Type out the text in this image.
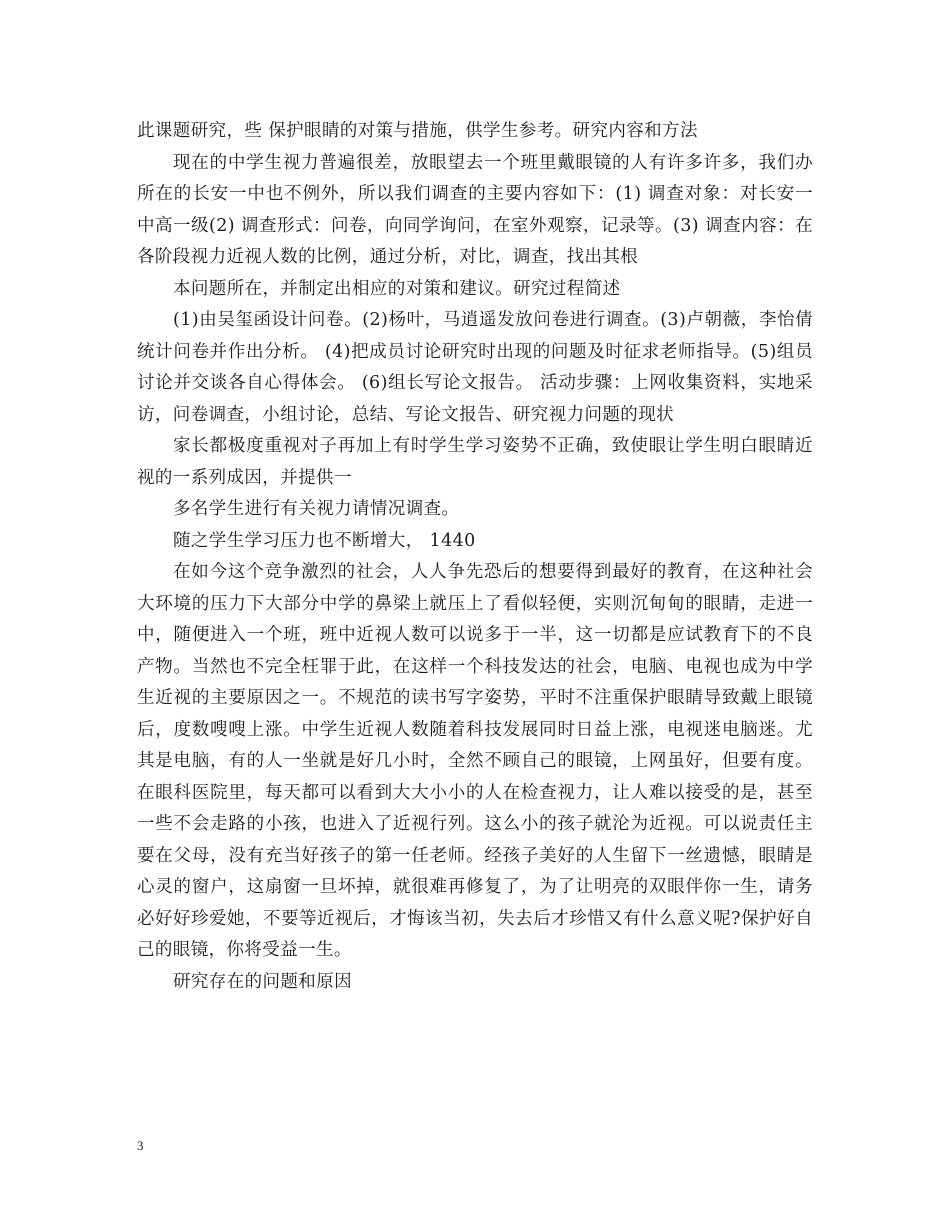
此课题研究，些 保护眼睛的对策与措施，供学生参考。研究内容和方法

现在的中学生视力普遍很差，放眼望去一个班里戴眼镜的人有许多许多，我们办所在的长安一中也不例外，所以我们调查的主要内容如下：(1) 调查对象：对长安一中高一级(2) 调查形式：问卷，向同学询问，在室外观察，记录等。(3) 调查内容：在各阶段视力近视人数的比例，通过分析，对比，调查，找出其根

本问题所在，并制定出相应的对策和建议。研究过程简述

(1)由吴玺函设计问卷。(2)杨叶，马逍遥发放问卷进行调查。(3)卢朝薇，李怡倩统计问卷并作出分析。 (4)把成员讨论研究时出现的问题及时征求老师指导。(5)组员讨论并交谈各自心得体会。 (6)组长写论文报告。 活动步骤：上网收集资料，实地采访，问卷调查，小组讨论，总结、写论文报告、研究视力问题的现状

家长都极度重视对子再加上有时学生学习姿势不正确，致使眼让学生明白眼睛近视的一系列成因，并提供一

多名学生进行有关视力请情况调查。

随之学生学习压力也不断增大， 1440

在如今这个竞争激烈的社会，人人争先恐后的想要得到最好的教育，在这种社会大环境的压力下大部分中学的鼻梁上就压上了看似轻便，实则沉甸甸的眼睛，走进一中，随便进入一个班，班中近视人数可以说多于一半，这一切都是应试教育下的不良产物。当然也不完全枉罪于此，在这样一个科技发达的社会，电脑、电视也成为中学生近视的主要原因之一。不规范的读书写字姿势，平时不注重保护眼睛导致戴上眼镜后，度数嗖嗖上涨。中学生近视人数随着科技发展同时日益上涨，电视迷电脑迷。尤其是电脑，有的人一坐就是好几小时，全然不顾自己的眼镜，上网虽好，但要有度。在眼科医院里，每天都可以看到大大小小的人在检查视力，让人难以接受的是，甚至一些不会走路的小孩，也进入了近视行列。这么小的孩子就沦为近视。可以说责任主要在父母，没有充当好孩子的第一任老师。经孩子美好的人生留下一丝遗憾，眼睛是心灵的窗户，这扇窗一旦坏掉，就很难再修复了，为了让明亮的双眼伴你一生，请务必好好珍爱她，不要等近视后，才悔该当初，失去后才珍惜又有什么意义呢?保护好自己的眼镜，你将受益一生。

研究存在的问题和原因

3
